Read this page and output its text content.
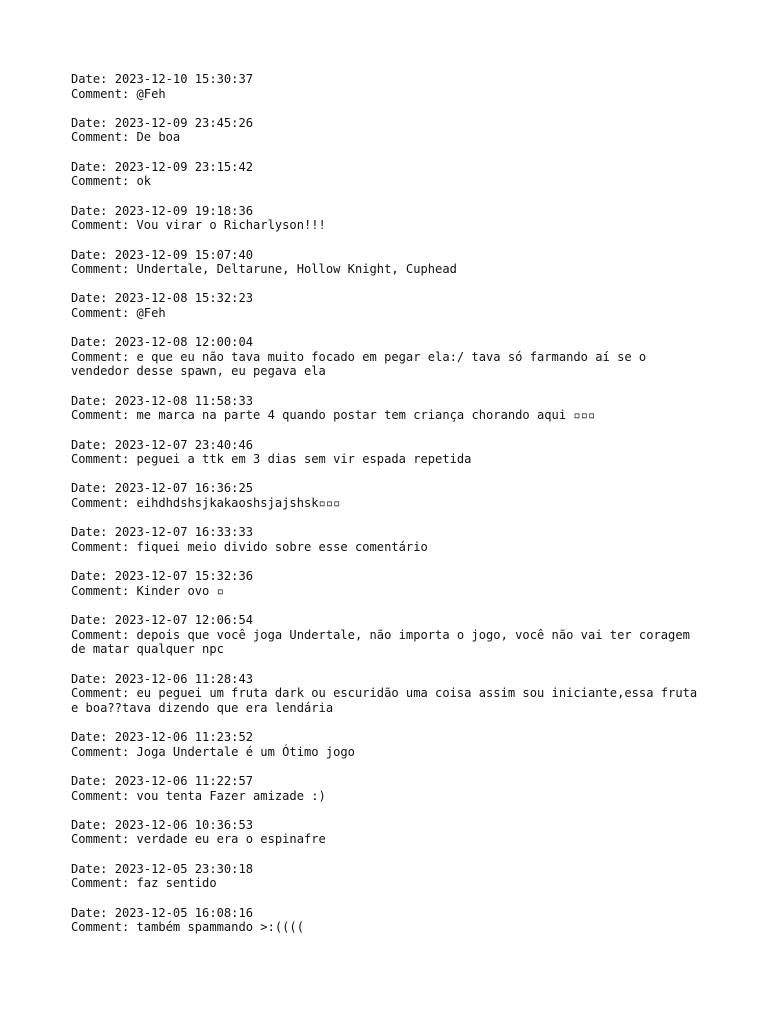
Date: 2023-12-10 15:30:37
Comment: @Feh
Date: 2023-12-09 23:45:26
Comment: De boa
Date: 2023-12-09 23:15:42
Comment: ok
Date: 2023-12-09 19:18:36
Comment: Vou virar o Richarlyson!!!
Date: 2023-12-09 15:07:40
Comment: Undertale, Deltarune, Hollow Knight, Cuphead
Date: 2023-12-08 15:32:23
Comment: @Feh
Date: 2023-12-08 12:00:04
Comment: e que eu não tava muito focado em pegar ela:/ tava só farmando aí se o vendedor desse spawn, eu pegava ela
Date: 2023-12-08 11:58:33
Comment: me marca na parte 4 quando postar tem criança chorando aqui ▫▫▫
Date: 2023-12-07 23:40:46
Comment: peguei a ttk em 3 dias sem vir espada repetida
Date: 2023-12-07 16:36:25
Comment: eihdhdshsjkakaoshsjajshsk▫▫▫
Date: 2023-12-07 16:33:33
Comment: fiquei meio divido sobre esse comentário
Date: 2023-12-07 15:32:36
Comment: Kinder ovo ▫
Date: 2023-12-07 12:06:54
Comment: depois que você joga Undertale, não importa o jogo, você não vai ter coragem de matar qualquer npc
Date: 2023-12-06 11:28:43
Comment: eu peguei um fruta dark ou escuridão uma coisa assim sou iniciante,essa fruta e boa??tava dizendo que era lendária
Date: 2023-12-06 11:23:52
Comment: Joga Undertale é um Ótimo jogo
Date: 2023-12-06 11:22:57
Comment: vou tenta Fazer amizade :)
Date: 2023-12-06 10:36:53
Comment: verdade eu era o espinafre
Date: 2023-12-05 23:30:18
Comment: faz sentido
Date: 2023-12-05 16:08:16
Comment: também spammando >:((((
